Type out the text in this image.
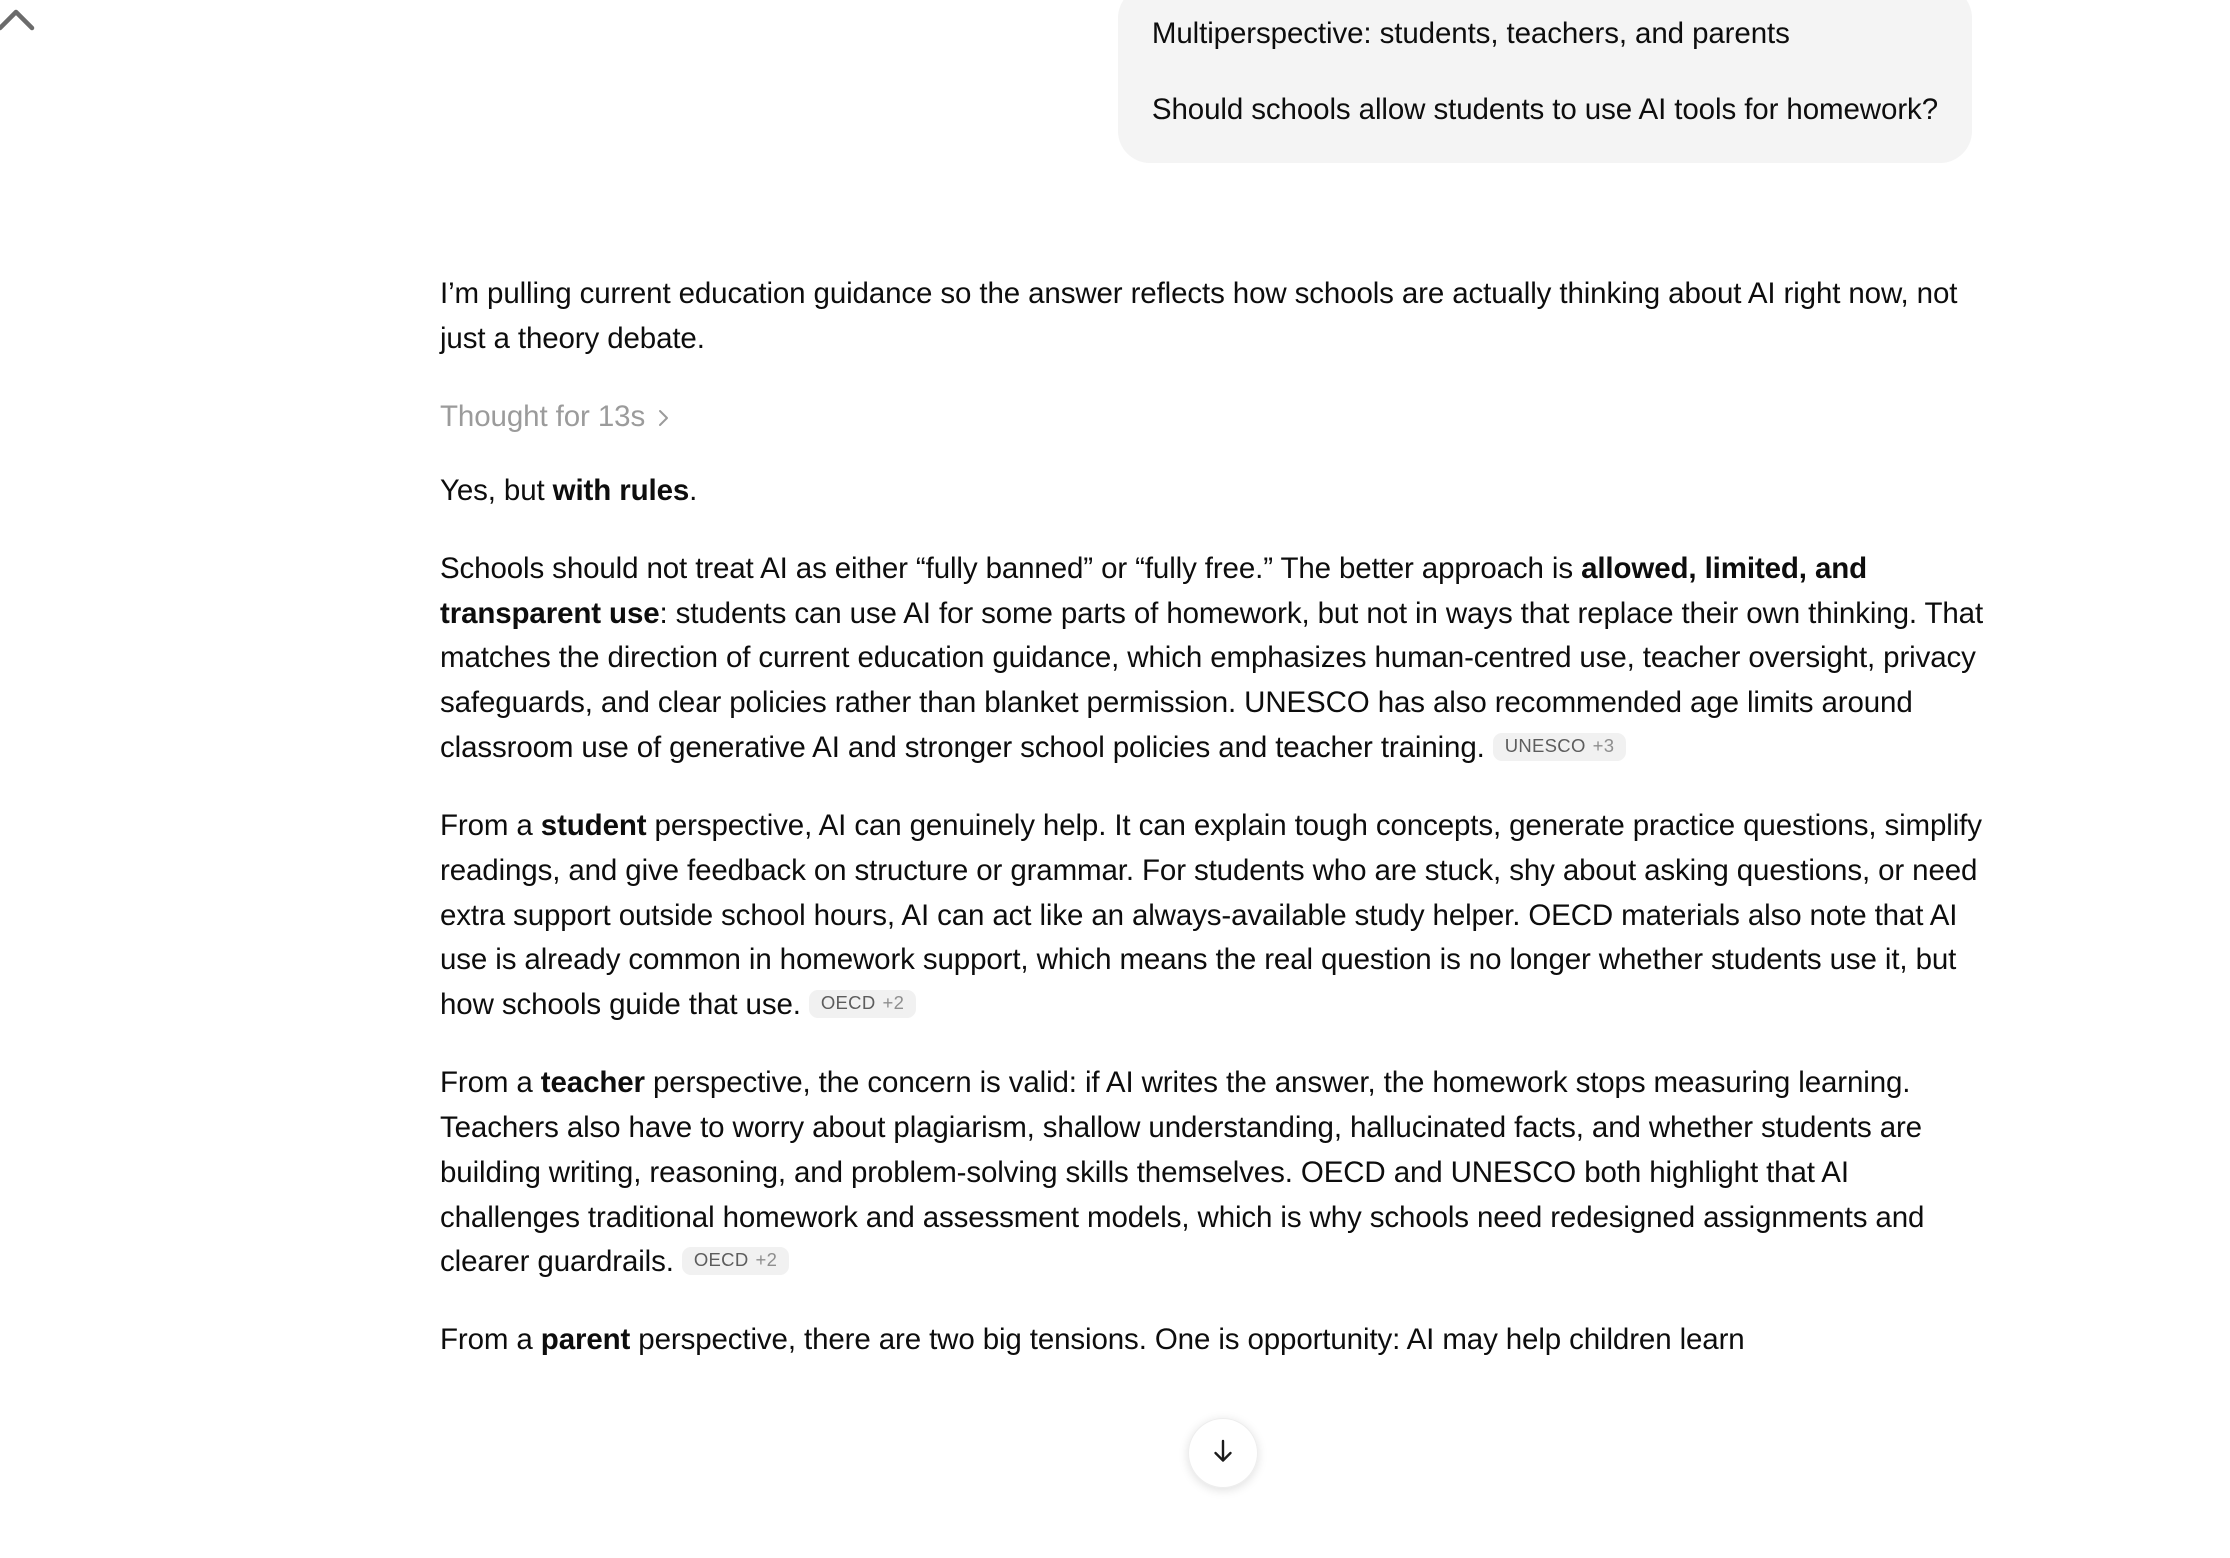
Multiperspective: students, teachers, and parents

Should schools allow students to use AI tools for homework?

I’m pulling current education guidance so the answer reflects how schools are actually thinking about AI right now, not just a theory debate.

Thought for 13s

Yes, but with rules.

Schools should not treat AI as either “fully banned” or “fully free.” The better approach is allowed, limited, and transparent use: students can use AI for some parts of homework, but not in ways that replace their own thinking. That matches the direction of current education guidance, which emphasizes human-centred use, teacher oversight, privacy safeguards, and clear policies rather than blanket permission. UNESCO has also recommended age limits around classroom use of generative AI and stronger school policies and teacher training. UNESCO +3

From a student perspective, AI can genuinely help. It can explain tough concepts, generate practice questions, simplify readings, and give feedback on structure or grammar. For students who are stuck, shy about asking questions, or need extra support outside school hours, AI can act like an always-available study helper. OECD materials also note that AI use is already common in homework support, which means the real question is no longer whether students use it, but how schools guide that use. OECD +2

From a teacher perspective, the concern is valid: if AI writes the answer, the homework stops measuring learning. Teachers also have to worry about plagiarism, shallow understanding, hallucinated facts, and whether students are building writing, reasoning, and problem-solving skills themselves. OECD and UNESCO both highlight that AI challenges traditional homework and assessment models, which is why schools need redesigned assignments and clearer guardrails. OECD +2

From a parent perspective, there are two big tensions. One is opportunity: AI may help children learn
